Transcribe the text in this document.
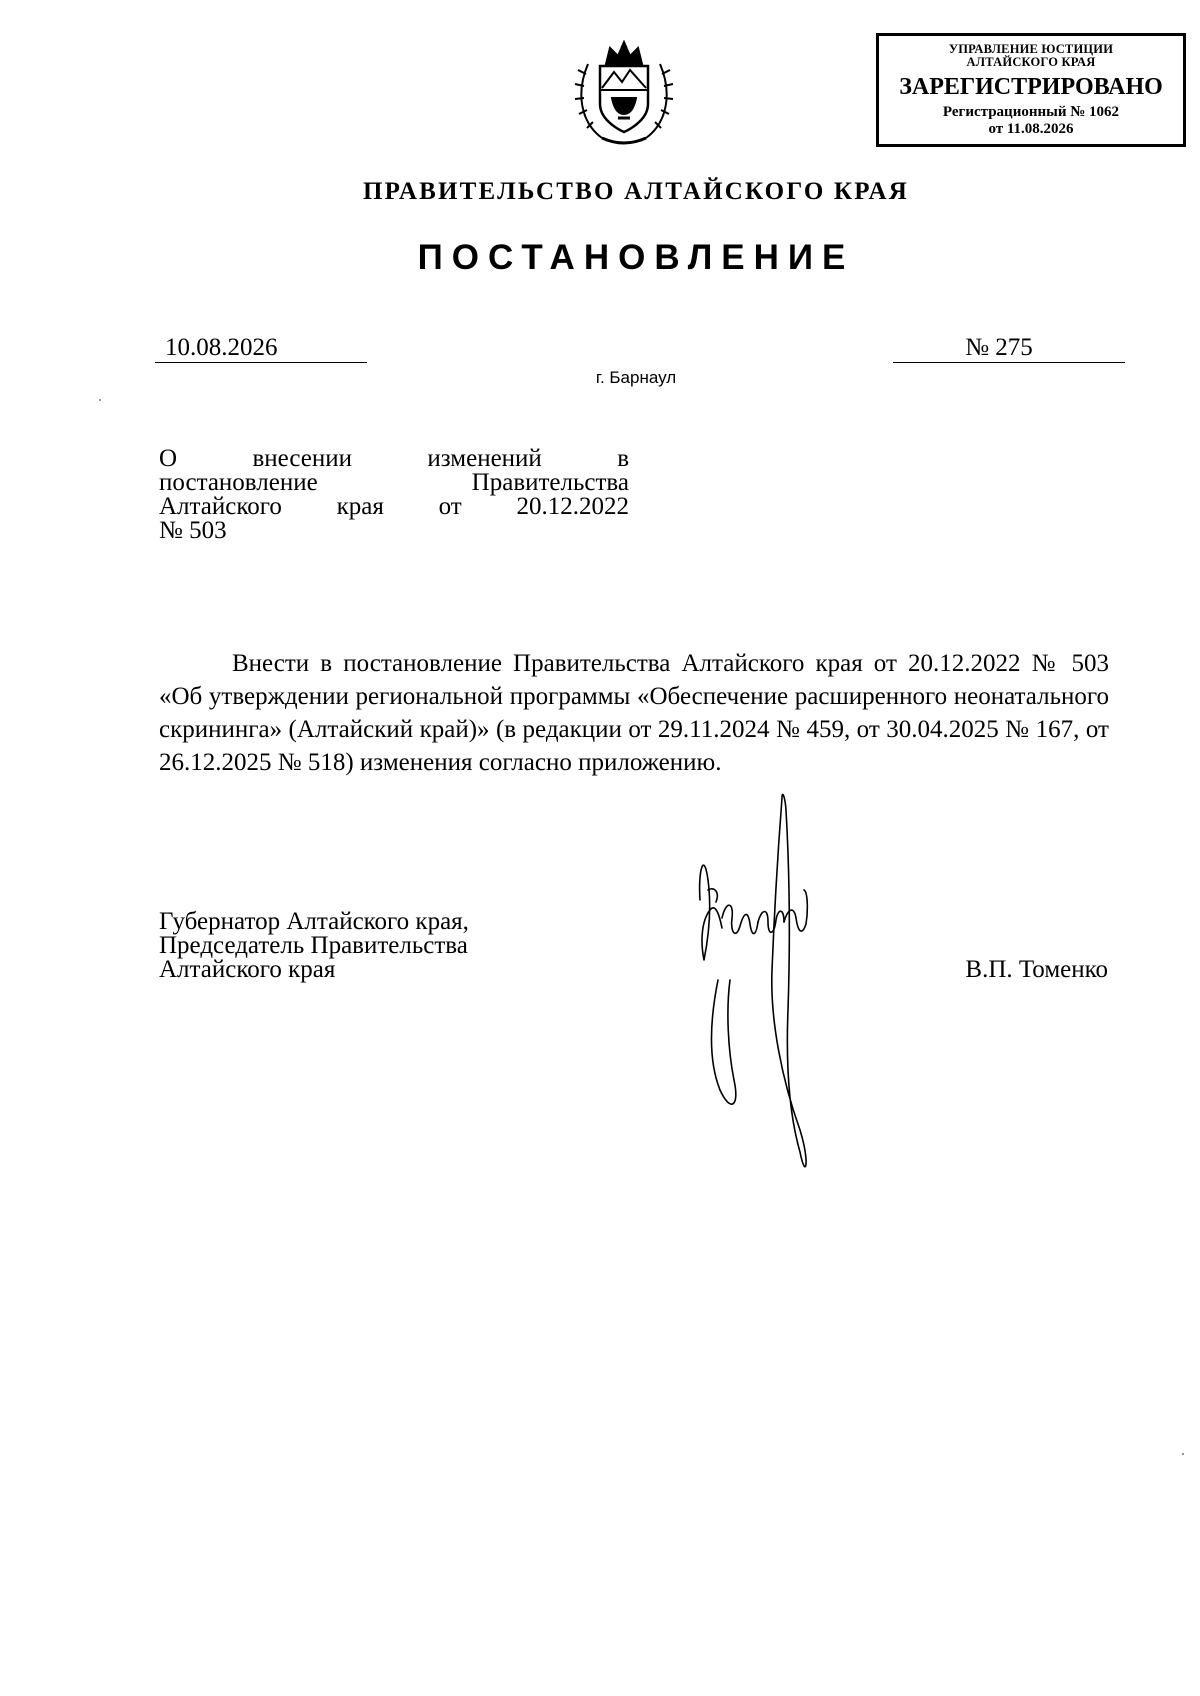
УПРАВЛЕНИЕ ЮСТИЦИИ
АЛТАЙСКОГО КРАЯ
ЗАРЕГИСТРИРОВАНО
Регистрационный № 1062
от 11.08.2026
ПРАВИТЕЛЬСТВО АЛТАЙСКОГО КРАЯ
ПОСТАНОВЛЕНИЕ
10.08.2026	№ 275
г. Барнаул
О внесении изменений в
постановление Правительства
Алтайского края от 20.12.2022
№ 503
Внести в постановление Правительства Алтайского края от 20.12.2022 № 503 «Об утверждении региональной программы «Обеспечение расширенного неонатального скрининга» (Алтайский край)» (в редакции от 29.11.2024 № 459, от 30.04.2025 № 167, от 26.12.2025 № 518) изменения согласно приложению.
Губернатор Алтайского края,
Председатель Правительства
Алтайского края	В.П. Томенко
